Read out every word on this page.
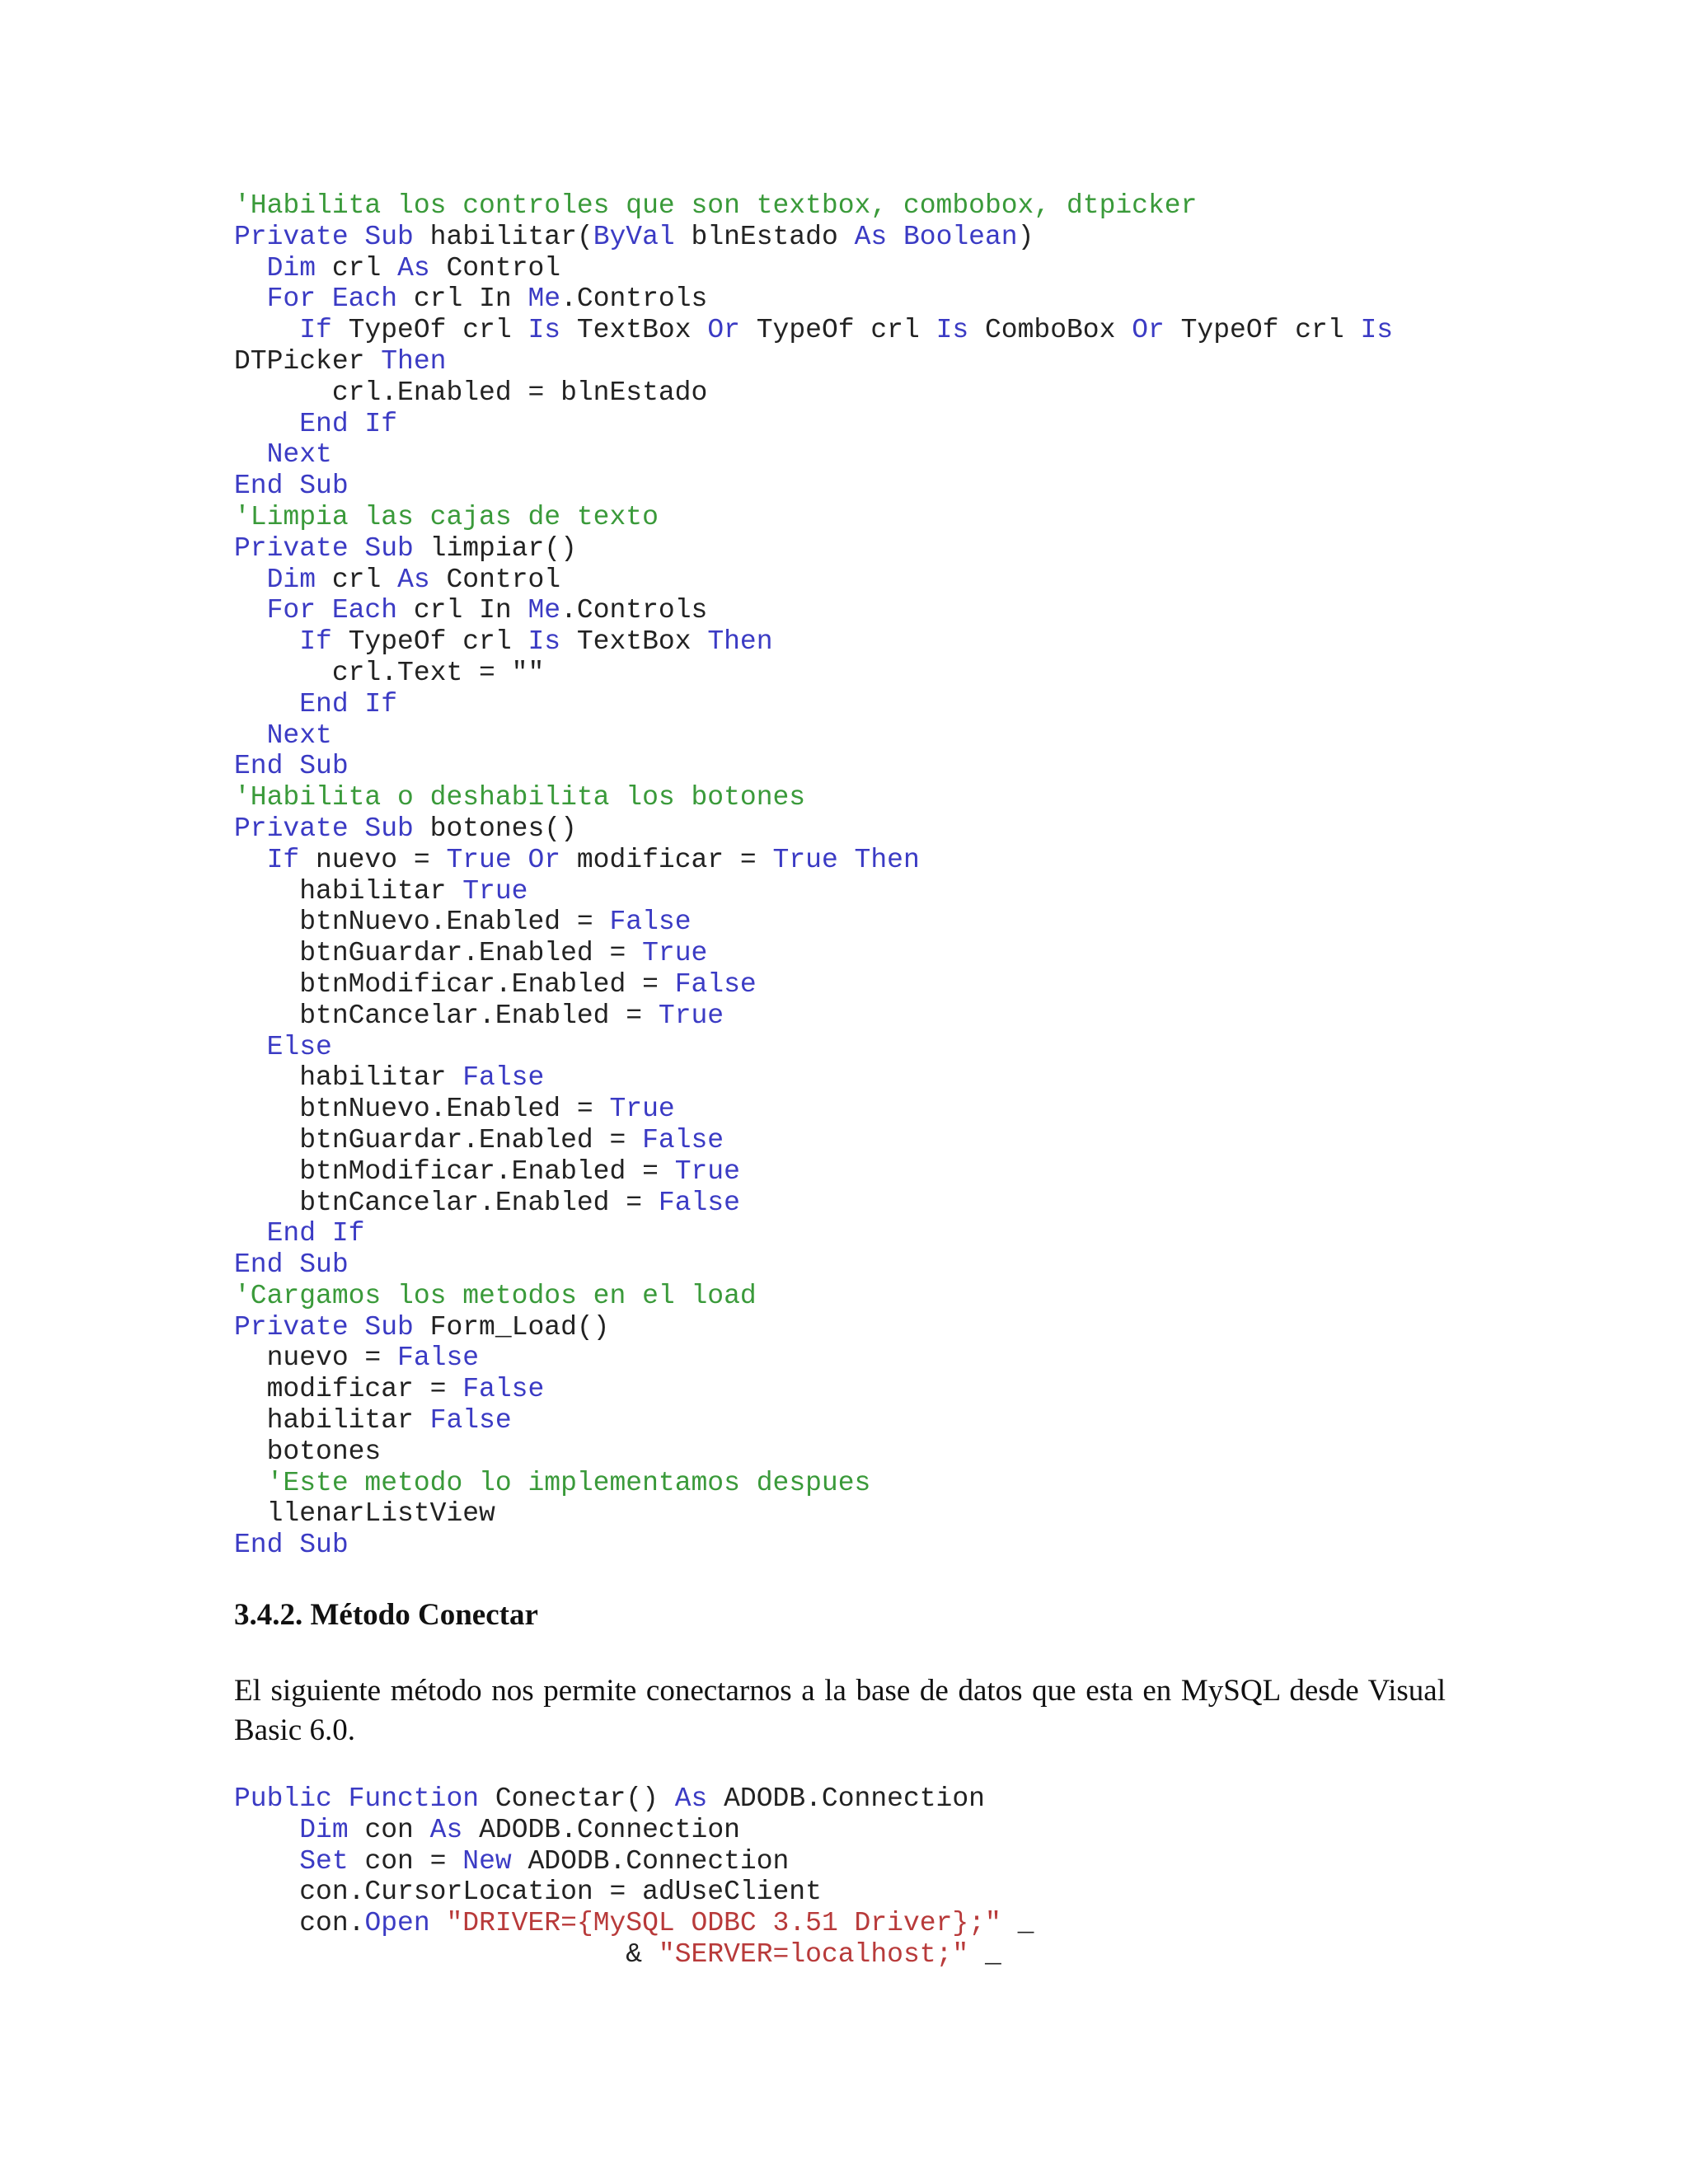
'Habilita los controles que son textbox, combobox, dtpicker
Private Sub habilitar(ByVal blnEstado As Boolean)
Dim crl As Control
For Each crl In Me.Controls
If TypeOf crl Is TextBox Or TypeOf crl Is ComboBox Or TypeOf crl Is
DTPicker Then
crl.Enabled = blnEstado
End If
Next
End Sub
'Limpia las cajas de texto
Private Sub limpiar()
Dim crl As Control
For Each crl In Me.Controls
If TypeOf crl Is TextBox Then
crl.Text = ""
End If
Next
End Sub
'Habilita o deshabilita los botones
Private Sub botones()
If nuevo = True Or modificar = True Then
habilitar True
btnNuevo.Enabled = False
btnGuardar.Enabled = True
btnModificar.Enabled = False
btnCancelar.Enabled = True
Else
habilitar False
btnNuevo.Enabled = True
btnGuardar.Enabled = False
btnModificar.Enabled = True
btnCancelar.Enabled = False
End If
End Sub
'Cargamos los metodos en el load
Private Sub Form_Load()
nuevo = False
modificar = False
habilitar False
botones
'Este metodo lo implementamos despues
llenarListView
End Sub
3.4.2. Método Conectar

El siguiente método nos permite conectarnos a la base de datos que esta en MySQL desde Visual Basic 6.0.

Public Function Conectar() As ADODB.Connection
Dim con As ADODB.Connection
Set con = New ADODB.Connection
con.CursorLocation = adUseClient
con.Open "DRIVER={MySQL ODBC 3.51 Driver};" _
& "SERVER=localhost;" _
